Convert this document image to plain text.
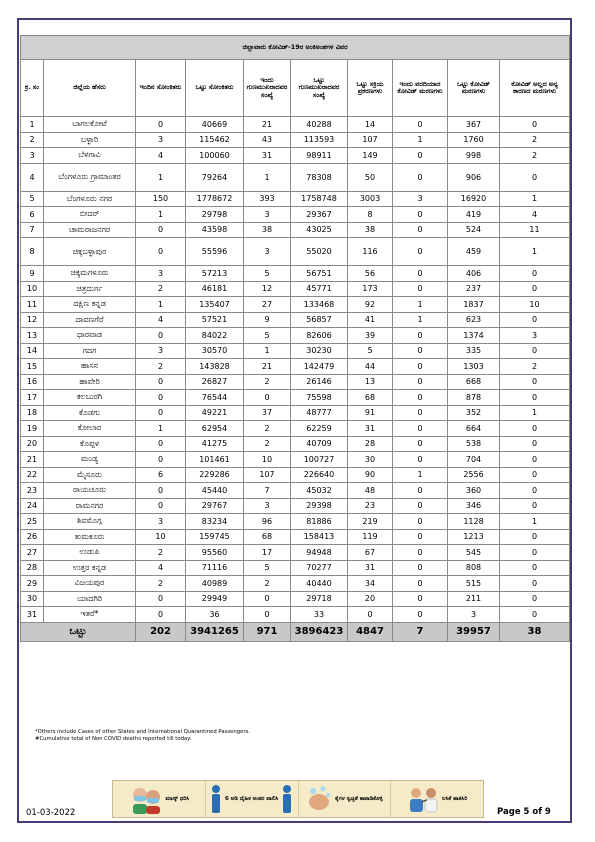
ಜಿಲ್ಲಾವಾರು ಕೋವಿಡ್-19ರ ಅಂಕಿಅಂಶಗಳ ವಿವರ									
ಕ್ರ. ಸಂ	ಜಿಲ್ಲೆಯ ಹೆಸರು	ಇಂದಿನ ಸೋಂಕಿತರು	ಒಟ್ಟು ಸೋಂಕಿತರು	ಇಂದು ಗುಣಮುಖರಾದವರ ಸಂಖ್ಯೆ	ಒಟ್ಟು ಗುಣಮುಖರಾದವರ ಸಂಖ್ಯೆ	ಒಟ್ಟು ಸಕ್ರಿಯ ಪ್ರಕರಣಗಳು	ಇಂದು ವರದಿಯಾದ ಕೋವಿಡ್ ಮರಣಗಳು	ಒಟ್ಟು ಕೋವಿಡ್ ಮರಣಗಳು	ಕೋವಿಡ್ ಅಲ್ಲದ ಅನ್ಯ ಕಾರಣದ ಮರಣಗಳು
1	ಬಾಗಲಕೋಟೆ	0	40669	21	40288	14	0	367	0
2	ಬಳ್ಳಾರಿ	3	115462	43	113593	107	1	1760	2
3	ಬೆಳಗಾವಿ	4	100060	31	98911	149	0	998	2
4	ಬೆಂಗಳೂರು ಗ್ರಾಮಾಂತರ	1	79264	1	78308	50	0	906	0
5	ಬೆಂಗಳೂರು ನಗರ	150	1778672	393	1758748	3003	3	16920	1
6	ಬೀದರ್	1	29798	3	29367	8	0	419	4
7	ಚಾಮರಾಜನಗರ	0	43598	38	43025	38	0	524	11
8	ಚಿಕ್ಕಬಳ್ಳಾಪುರ	0	55596	3	55020	116	0	459	1
9	ಚಿಕ್ಕಮಗಳೂರು	3	57213	5	56751	56	0	406	0
10	ಚಿತ್ರದುರ್ಗ	2	46181	12	45771	173	0	237	0
11	ದಕ್ಷಿಣ ಕನ್ನಡ	1	135407	27	133468	92	1	1837	10
12	ದಾವಣಗೆರೆ	4	57521	9	56857	41	1	623	0
13	ಧಾರವಾಡ	0	84022	5	82606	39	0	1374	3
14	ಗದಗ	3	30570	1	30230	5	0	335	0
15	ಹಾಸನ	2	143828	21	142479	44	0	1303	2
16	ಹಾವೇರಿ	0	26827	2	26146	13	0	668	0
17	ಕಲಬುರಗಿ	0	76544	0	75598	68	0	878	0
18	ಕೊಡಗು	0	49221	37	48777	91	0	352	1
19	ಕೋಲಾರ	1	62954	2	62259	31	0	664	0
20	ಕೊಪ್ಪಳ	0	41275	2	40709	28	0	538	0
21	ಮಂಡ್ಯ	0	101461	10	100727	30	0	704	0
22	ಮೈಸೂರು	6	229286	107	226640	90	1	2556	0
23	ರಾಯಚೂರು	0	45440	7	45032	48	0	360	0
24	ರಾಮನಗರ	0	29767	3	29398	23	0	346	0
25	ಶಿವಮೊಗ್ಗ	3	83234	96	81886	219	0	1128	1
26	ತುಮಕೂರು	10	159745	68	158413	119	0	1213	0
27	ಉಡುಪಿ	2	95560	17	94948	67	0	545	0
28	ಉತ್ತರ ಕನ್ನಡ	4	71116	5	70277	31	0	808	0
29	ವಿಜಯಪುರ	2	40989	2	40440	34	0	515	0
30	ಯಾದಗಿರಿ	0	29949	0	29718	20	0	211	0
31	ಇತರೆ*	0	36	0	33	0	0	3	0
ಒಟ್ಟು		202	3941265	971	3896423	4847	7	39957	38
*Others include Cases of other States and International Quarantined Passengers.
#Cumulative total of Non COVID deaths reported till today.
ಮಾಸ್ಕ್ ಧರಿಸಿ	6 ಅಡಿ ದೈಹಿಕ ಅಂತರ ಪಾಲಿಸಿ	ಕೈಗಳ ಸ್ವಚ್ಛತೆ ಕಾಪಾಡಿಕೊಳ್ಳಿ	ಲಸಿಕೆ ಹಾಕಿಸಿರಿ
01-03-2022	Page 5 of 9
